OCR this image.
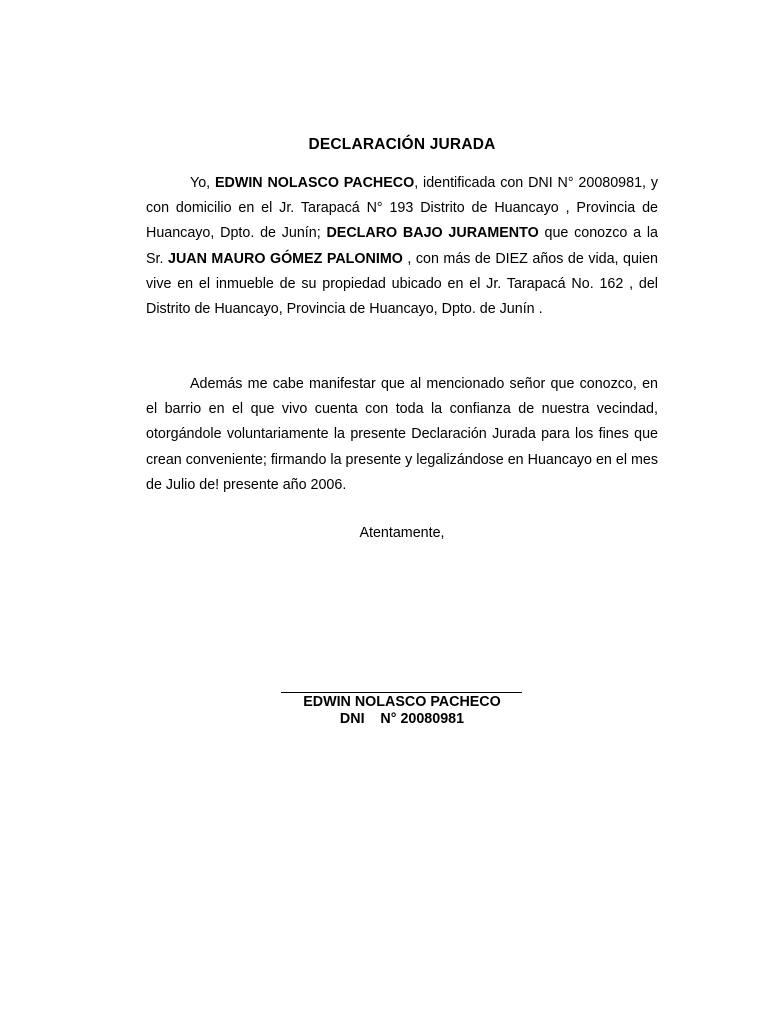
DECLARACIÓN JURADA
Yo, EDWIN NOLASCO PACHECO, identificada con DNI N° 20080981, y con domicilio en el Jr. Tarapacá N° 193 Distrito de Huancayo , Provincia de Huancayo, Dpto. de Junín; DECLARO BAJO JURAMENTO que conozco a la Sr. JUAN MAURO GÓMEZ PALONIMO , con más de DIEZ años de vida, quien vive en el inmueble de su propiedad ubicado en el Jr. Tarapacá No. 162 , del Distrito de Huancayo, Provincia de Huancayo, Dpto. de Junín .
Además me cabe manifestar que al mencionado señor que conozco, en el barrio en el que vivo cuenta con toda la confianza de nuestra vecindad, otorgándole voluntariamente la presente Declaración Jurada para los fines que crean conveniente; firmando la presente y legalizándose en Huancayo en el mes de Julio de! presente año 2006.
Atentamente,
EDWIN NOLASCO PACHECO
DNI    N° 20080981
